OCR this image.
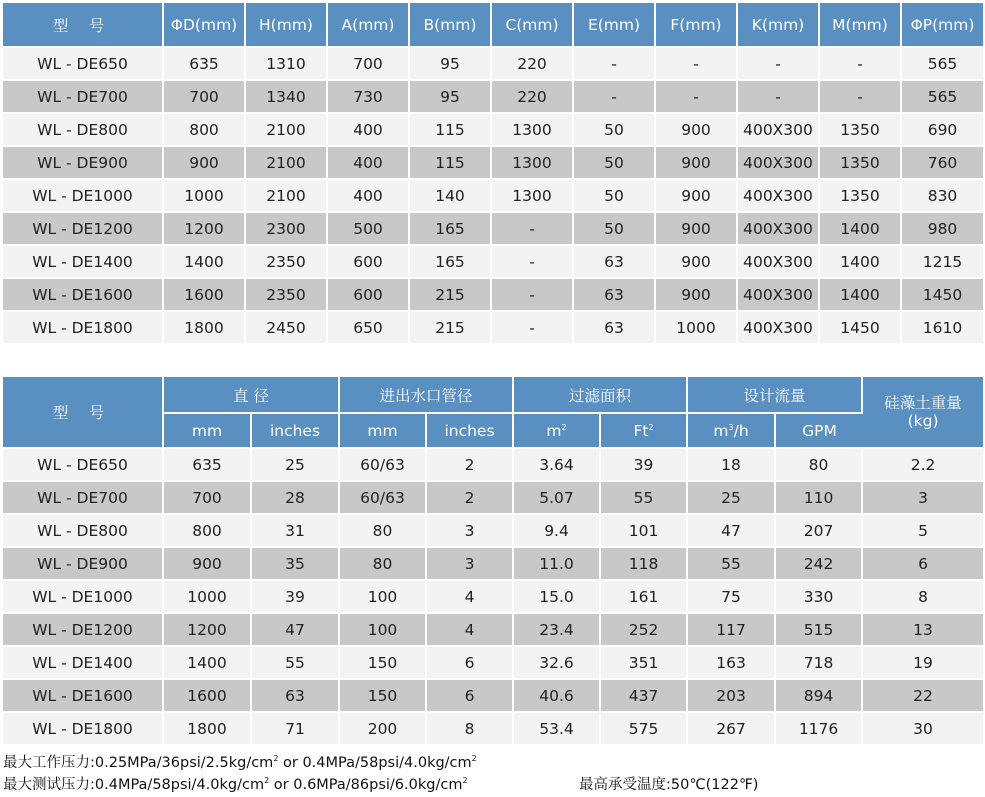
型 号	ΦD(mm)	H(mm)	A(mm)	B(mm)	C(mm)	E(mm)	F(mm)	K(mm)	M(mm)	ΦP(mm)
WL - DE650	635	1310	700	95	220	-	-	-	-	565
WL - DE700	700	1340	730	95	220	-	-	-	-	565
WL - DE800	800	2100	400	115	1300	50	900	400X300	1350	690
WL - DE900	900	2100	400	115	1300	50	900	400X300	1350	760
WL - DE1000	1000	2100	400	140	1300	50	900	400X300	1350	830
WL - DE1200	1200	2300	500	165	-	50	900	400X300	1400	980
WL - DE1400	1400	2350	600	165	-	63	900	400X300	1400	1215
WL - DE1600	1600	2350	600	215	-	63	900	400X300	1400	1450
WL - DE1800	1800	2450	650	215	-	63	1000	400X300	1450	1610
型 号	直 径		进出水口管径		过滤面积		设计流量		硅藻土重量
(kg)

	mm	inches	mm	inches	$m^2$	Ft$^2$	$m^3/h$	GPM	
WL - DE650	635	25	60/63	2	3.64	39	18	80	2.2
WL - DE700	700	28	60/63	2	5.07	55	25	110	3
WL - DE800	800	31	80	3	9.4	101	47	207	5
WL - DE900	900	35	80	3	11.0	118	55	242	6
WL - DE1000	1000	39	100	4	15.0	161	75	330	8
WL - DE1200	1200	47	100	4	23.4	252	117	515	13
WL - DE1400	1400	55	150	6	32.6	351	163	718	19
WL - DE1600	1600	63	150	6	40.6	437	203	894	22
WL - DE1800	1800	71	200	8	53.4	575	267	1176	30
最大工作压力$:0.25MPa/36psi/2.5kg/cm^2$ or $0.4MPa/58psi/4.0kg/cm^2$
最大测试压力$:0.4MPa/58psi/4.0kg/cm^2$ or $0.6MPa/86psi/6.0kg/cm^2$	最高承受温度:50℃(122℉)
